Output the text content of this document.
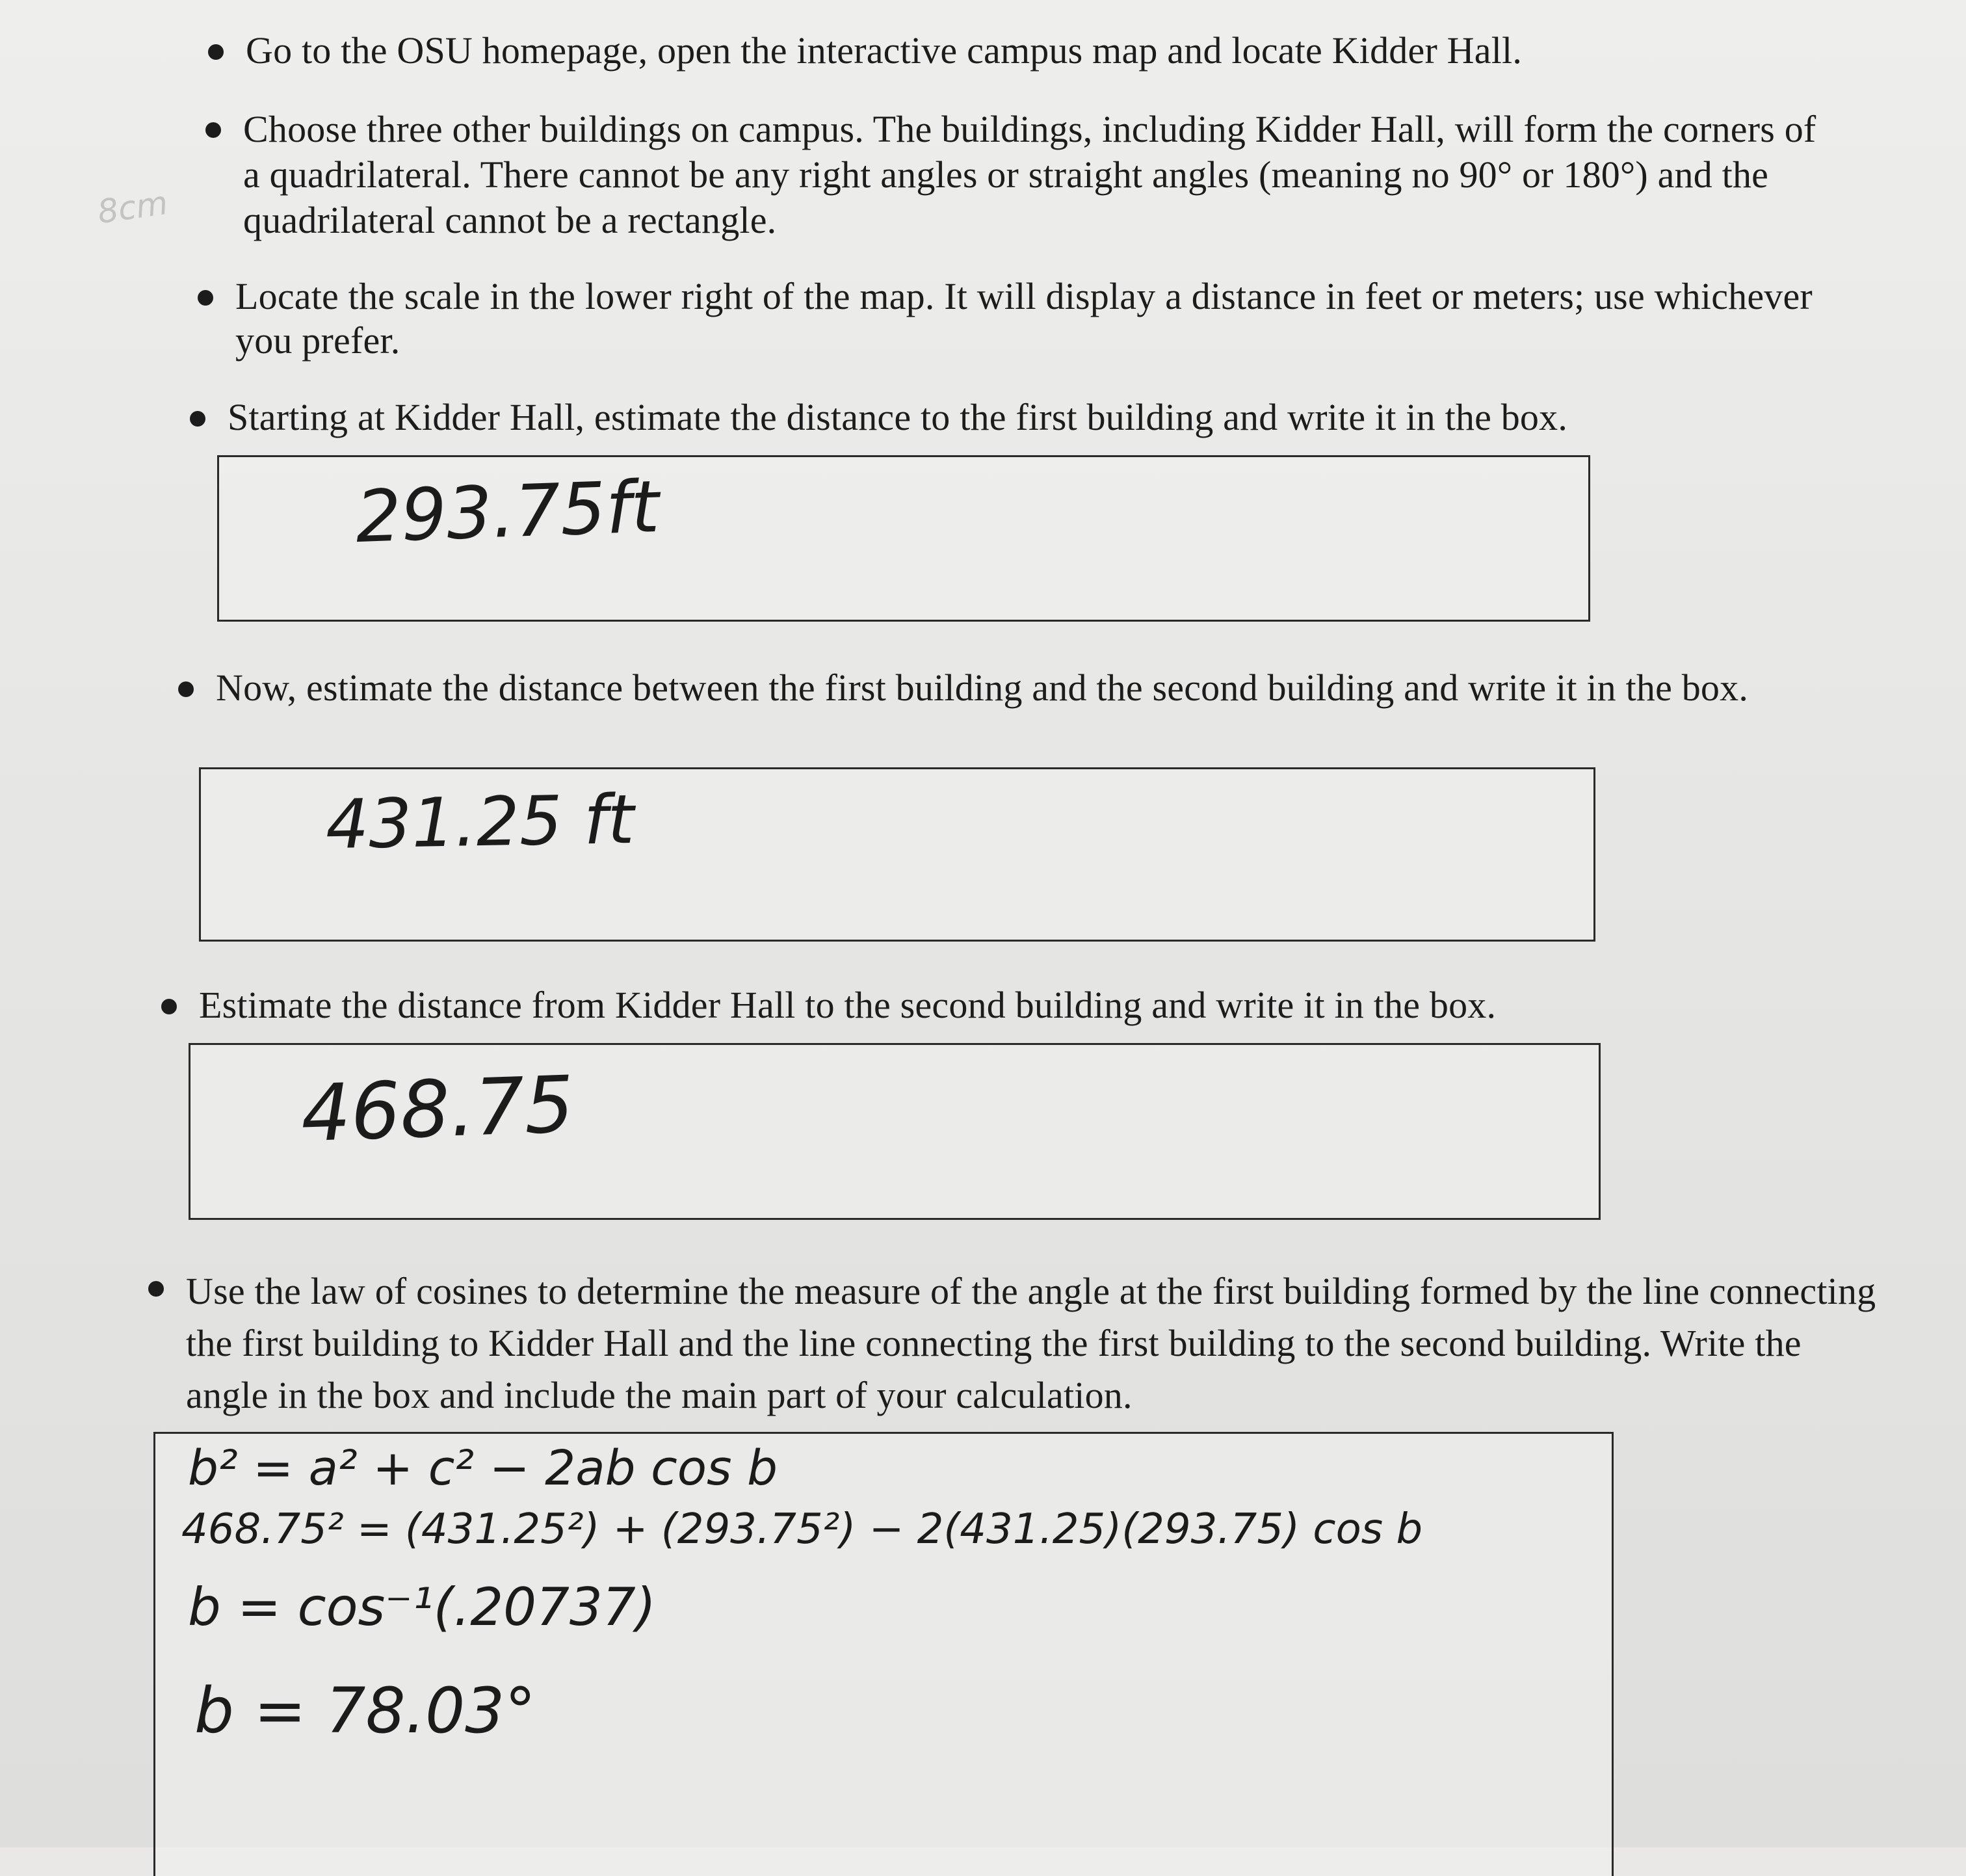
8cm
Go to the OSU homepage, open the interactive campus map and locate Kidder Hall.
Choose three other buildings on campus. The buildings, including Kidder Hall, will form the corners of a quadrilateral. There cannot be any right angles or straight angles (meaning no 90° or 180°) and the quadrilateral cannot be a rectangle.
Locate the scale in the lower right of the map. It will display a distance in feet or meters; use whichever you prefer.
Starting at Kidder Hall, estimate the distance to the first building and write it in the box.
293.75ft
Now, estimate the distance between the first building and the second building and write it in the box.
431.25 ft
Estimate the distance from Kidder Hall to the second building and write it in the box.
468.75
Use the law of cosines to determine the measure of the angle at the first building formed by the line connecting the first building to Kidder Hall and the line connecting the first building to the second building. Write the angle in the box and include the main part of your calculation.
b² = a² + c² − 2ab cos b
468.75² = (431.25²) + (293.75²) − 2(431.25)(293.75) cos b
b = cos⁻¹(.20737)
b = 78.03°
